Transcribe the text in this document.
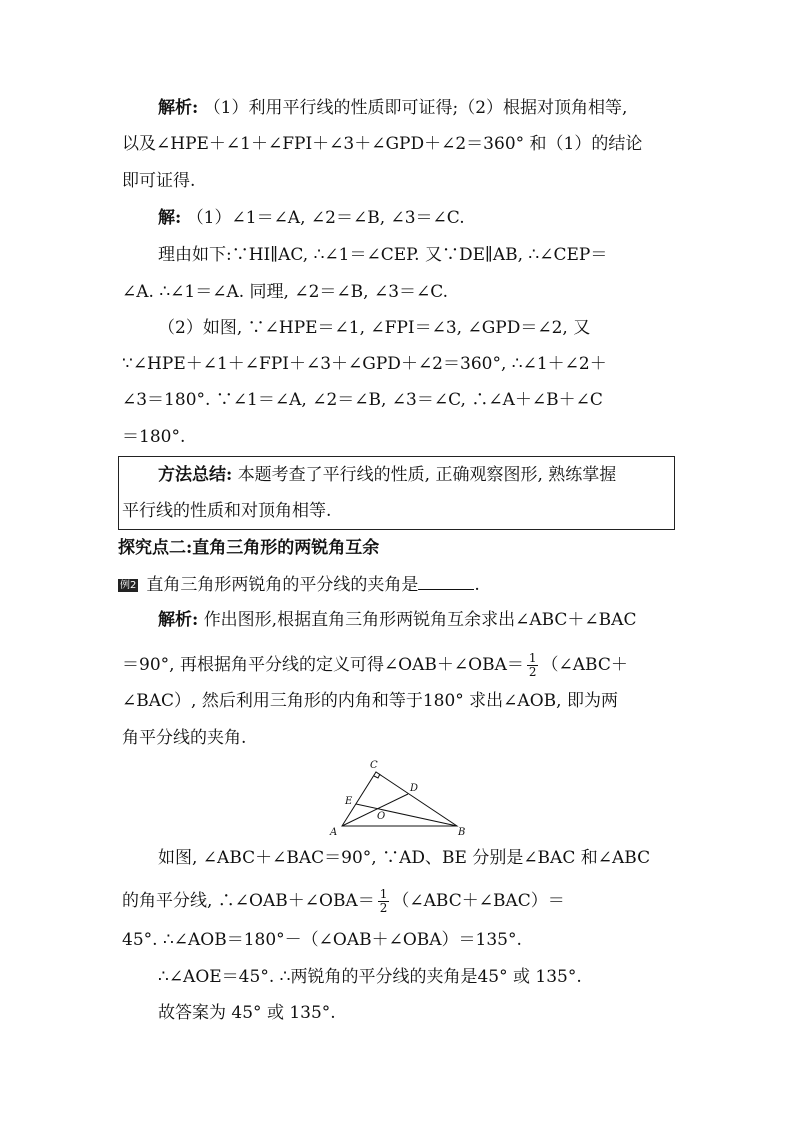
解析: （1）利用平行线的性质即可证得;（2）根据对顶角相等,
以及∠HPE＋∠1＋∠FPI＋∠3＋∠GPD＋∠2＝360° 和（1）的结论
即可证得.
解: （1）∠1＝∠A, ∠2＝∠B, ∠3＝∠C.
理由如下:∵HI∥AC, ∴∠1＝∠CEP. 又∵DE∥AB, ∴∠CEP＝
∠A. ∴∠1＝∠A. 同理, ∠2＝∠B, ∠3＝∠C.
（2）如图, ∵∠HPE＝∠1, ∠FPI＝∠3, ∠GPD＝∠2, 又
∵∠HPE＋∠1＋∠FPI＋∠3＋∠GPD＋∠2＝360°, ∴∠1＋∠2＋
∠3＝180°. ∵∠1＝∠A, ∠2＝∠B, ∠3＝∠C, ∴∠A＋∠B＋∠C
＝180°.
方法总结: 本题考查了平行线的性质, 正确观察图形, 熟练掌握
平行线的性质和对顶角相等.
探究点二:直角三角形的两锐角互余
例2 直角三角形两锐角的平分线的夹角是	.
解析: 作出图形,根据直角三角形两锐角互余求出∠ABC＋∠BAC
＝90°, 再根据角平分线的定义可得∠OAB＋∠OBA＝ $\frac{1}{2}$ （∠ABC＋
∠BAC）, 然后利用三角形的内角和等于180° 求出∠AOB, 即为两
角平分线的夹角.
C
D
E
O
A	B
如图, ∠ABC＋∠BAC＝90°, ∵AD、BE 分别是∠BAC 和∠ABC
的角平分线, ∴∠OAB＋∠OBA＝ $\frac{1}{2}$ （∠ABC＋∠BAC）＝
45°. ∴∠AOB＝180°－（∠OAB＋∠OBA）＝135°.
∴∠AOE＝45°. ∴两锐角的平分线的夹角是45° 或 135°.
故答案为 45° 或 135°.
